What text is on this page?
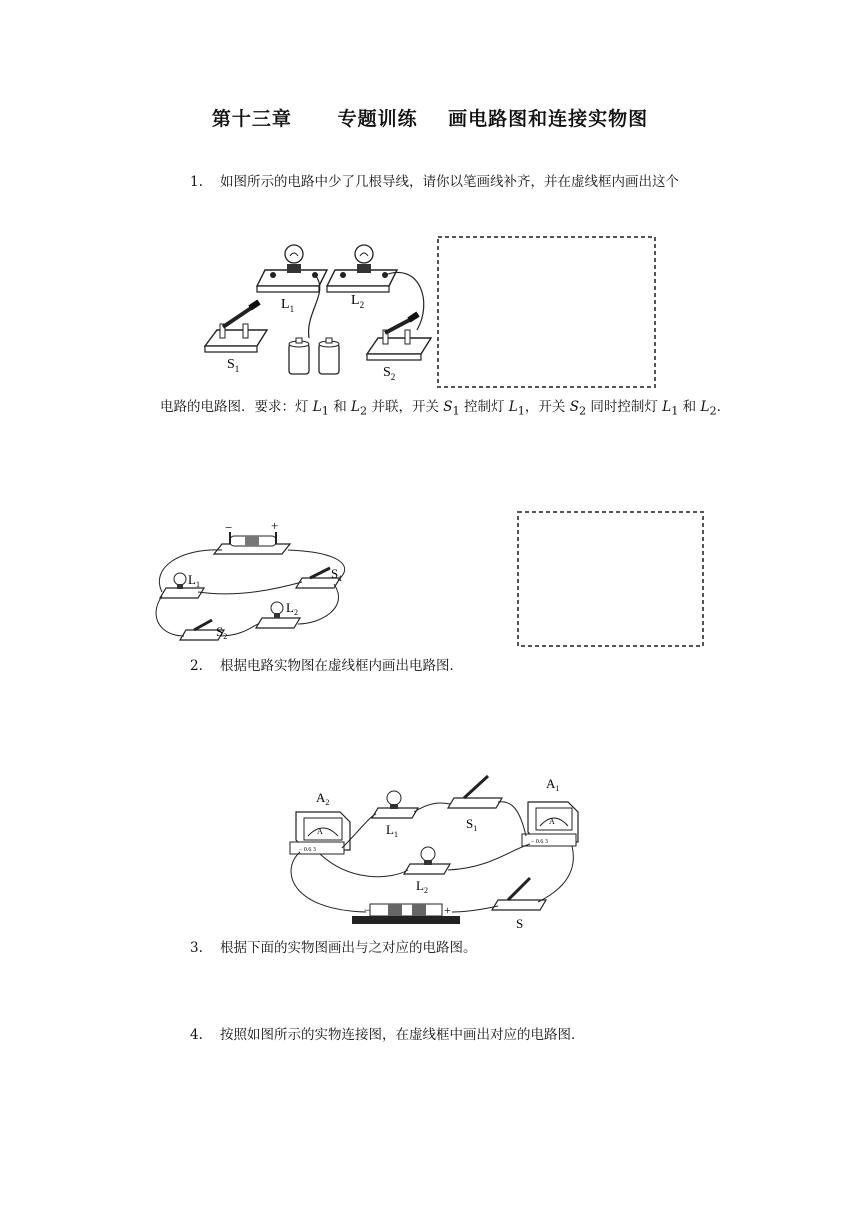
第十三章 专题训练 画电路图和连接实物图
1. 如图所示的电路中少了几根导线，请你以笔画线补齐，并在虚线框内画出这个
$L_1$
$L_2$
$S_1$	$S_2$
电路的电路图．要求：灯 $L_1$ 和 $L_2$ 并联，开关 $S_1$ 控制灯 $L_1$，开关 $S_2$ 同时控制灯 $L_1$ 和 $L_2$．
−	+
$L_1$
$S_1$
$L_2$
$S_2$
2. 根据电路实物图在虚线框内画出电路图．
− 0.6 3
A
$A_2$
$L_1$
$S_1$
− 0.6 3
A
$A_1$
$L_2$
S
−	+
3. 根据下面的实物图画出与之对应的电路图。
4. 按照如图所示的实物连接图，在虚线框中画出对应的电路图．
